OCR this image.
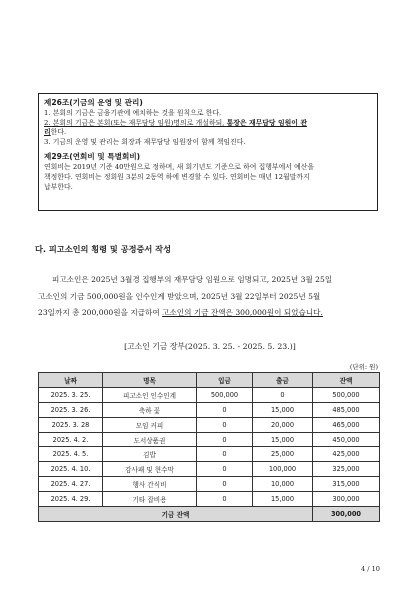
제26조(기금의 운영 및 관리)

1. 본회의 기금은 금융기관에 예치하는 것을 원칙으로 한다.

2. 본회의 기금은 본회(또는 재무담당 임원)명의로 개설하되, 통장은 재무담당 임원이 관

리한다.

3. 기금의 운영 및 관리는 회장과 재무담당 임원장이 함께 책임진다.

제29조(연회비 및 특별회비)

연회비는 2019년 기준 40만원으로 정하며, 새 회기년도 기준으로 하여 집행부에서 예산을

책정한다. 연회비는 정회원 3분의 2동역 하에 변경할 수 있다. 연회비는 매년 12월말까지

납부한다.

다. 피고소인의 횡령 및 공정증서 작성

피고소인은 2025년 3월경 집행부의 재무담당 임원으로 임명되고, 2025년 3월 25일
고소인의 기금 500,000원을 인수인계 받았으며, 2025년 3월 22일부터 2025년 5월
23일까지 총 200,000원을 지급하여 고소인의 기금 잔액은 300,000원이 되었습니다.

[고소인 기금 장부(2025. 3. 25. - 2025. 5. 23.)]

(단위: 원)

날짜	명목	입금	출금	잔액
2025. 3. 25.	피고소인 인수인계	500,000	0	500,000
2025. 3. 26.	축하 꽃	0	15,000	485,000
2025. 3. 28	모임 커피	0	20,000	465,000
2025. 4. 2.	도서상품권	0	15,000	450,000
2025. 4. 5.	김밥	0	25,000	425,000
2025. 4. 10.	감사패 및 현수막	0	100,000	325,000
2025. 4. 27.	행사 간식비	0	10,000	315,000
2025. 4. 29.	기타 잡비용	0	15,000	300,000
기금 잔액				300,000

4 / 10
